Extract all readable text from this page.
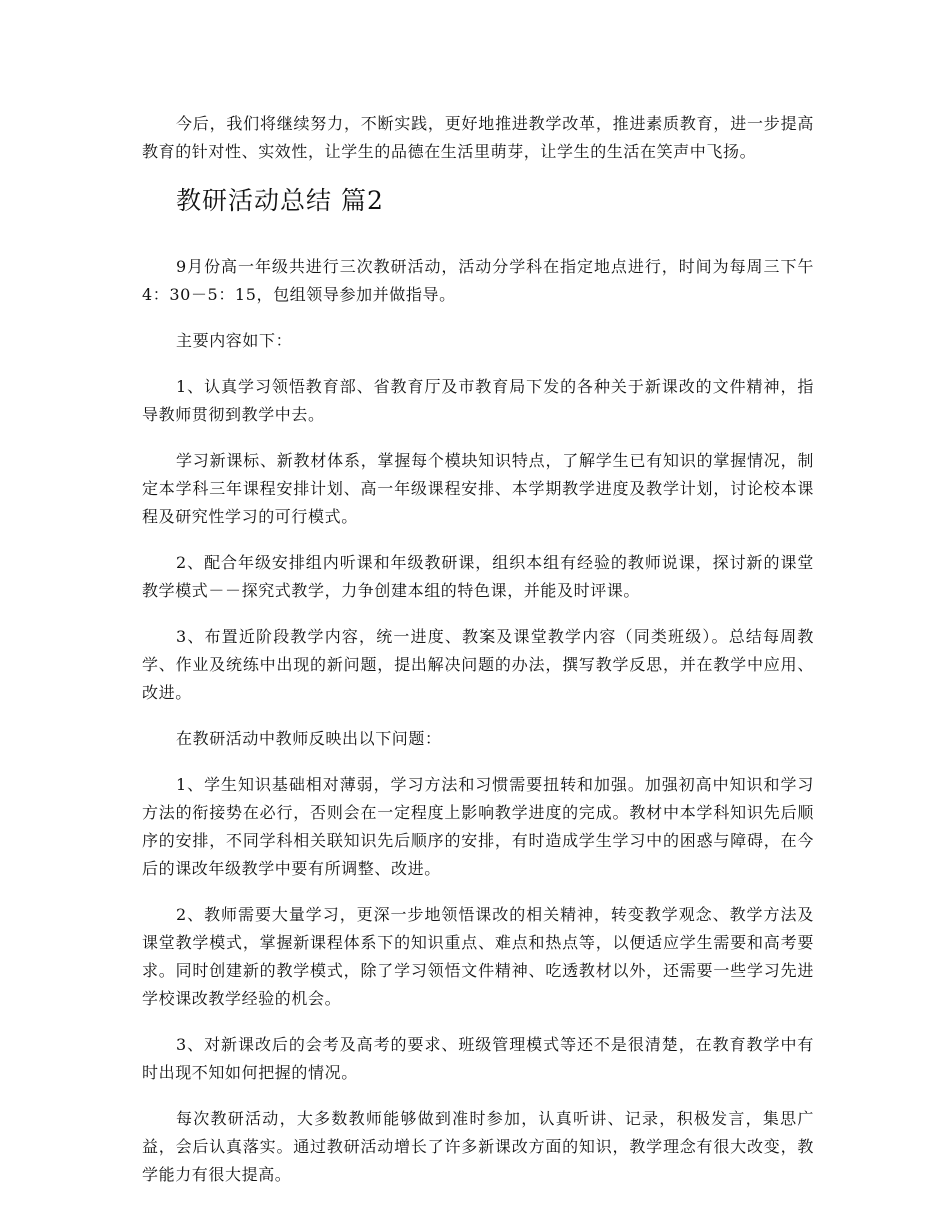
今后，我们将继续努力，不断实践，更好地推进教学改革，推进素质教育，进一步提高教育的针对性、实效性，让学生的品德在生活里萌芽，让学生的生活在笑声中飞扬。

教研活动总结 篇2

9月份高一年级共进行三次教研活动，活动分学科在指定地点进行，时间为每周三下午4：30－5：15，包组领导参加并做指导。

主要内容如下：

1、认真学习领悟教育部、省教育厅及市教育局下发的各种关于新课改的文件精神，指导教师贯彻到教学中去。

学习新课标、新教材体系，掌握每个模块知识特点，了解学生已有知识的掌握情况，制定本学科三年课程安排计划、高一年级课程安排、本学期教学进度及教学计划，讨论校本课程及研究性学习的可行模式。

2、配合年级安排组内听课和年级教研课，组织本组有经验的教师说课，探讨新的课堂教学模式－－探究式教学，力争创建本组的特色课，并能及时评课。

3、布置近阶段教学内容，统一进度、教案及课堂教学内容（同类班级）。总结每周教学、作业及统练中出现的新问题，提出解决问题的办法，撰写教学反思，并在教学中应用、改进。

在教研活动中教师反映出以下问题：

1、学生知识基础相对薄弱，学习方法和习惯需要扭转和加强。加强初高中知识和学习方法的衔接势在必行，否则会在一定程度上影响教学进度的完成。教材中本学科知识先后顺序的安排，不同学科相关联知识先后顺序的安排，有时造成学生学习中的困惑与障碍，在今后的课改年级教学中要有所调整、改进。

2、教师需要大量学习，更深一步地领悟课改的相关精神，转变教学观念、教学方法及课堂教学模式，掌握新课程体系下的知识重点、难点和热点等，以便适应学生需要和高考要求。同时创建新的教学模式，除了学习领悟文件精神、吃透教材以外，还需要一些学习先进学校课改教学经验的机会。

3、对新课改后的会考及高考的要求、班级管理模式等还不是很清楚，在教育教学中有时出现不知如何把握的情况。

每次教研活动，大多数教师能够做到准时参加，认真听讲、记录，积极发言，集思广益，会后认真落实。通过教研活动增长了许多新课改方面的知识，教学理念有很大改变，教学能力有很大提高。
